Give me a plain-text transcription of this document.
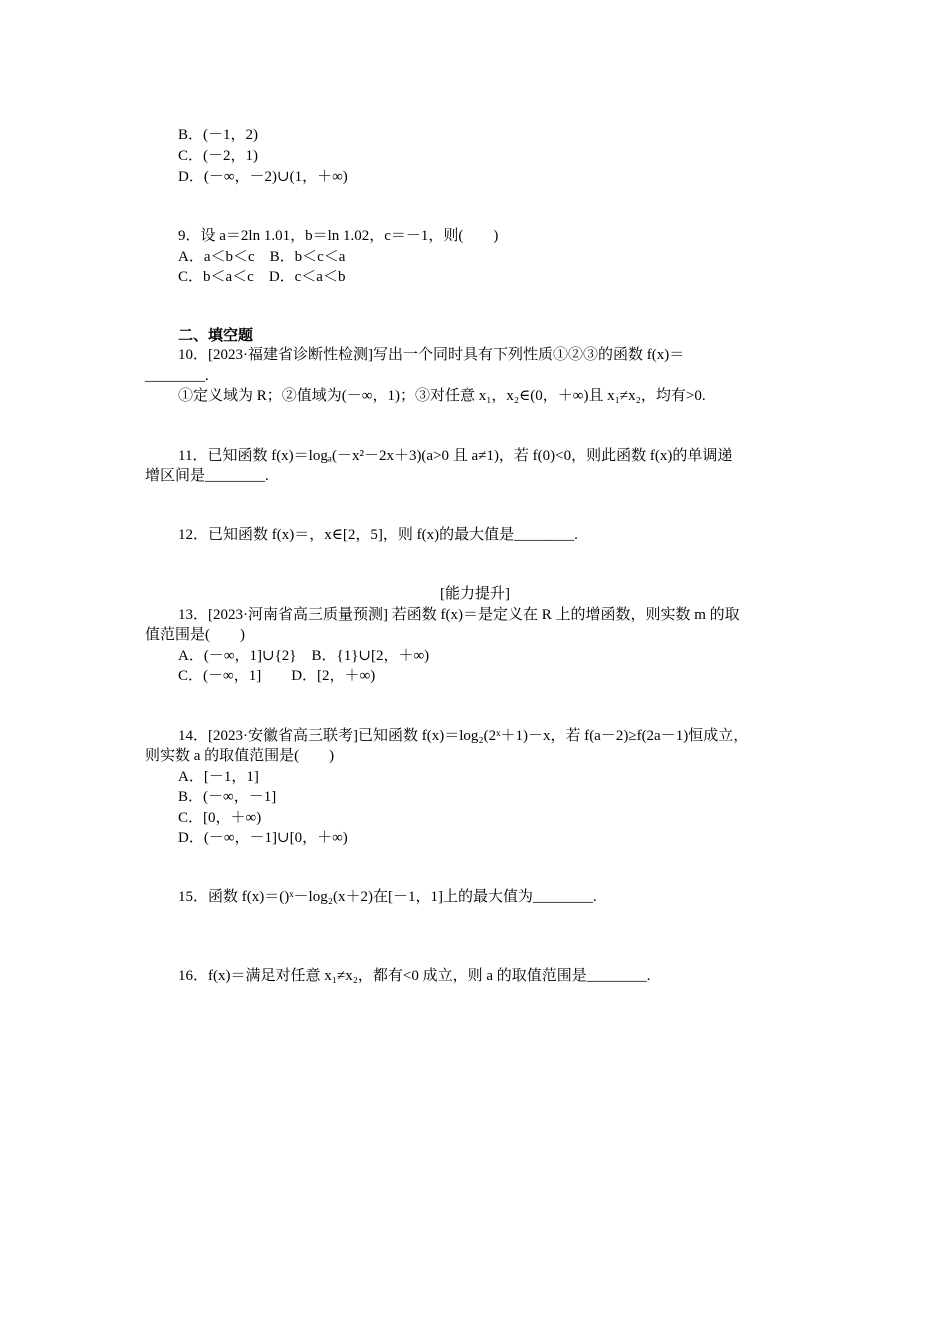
B．(－1，2)
C．(－2，1)
D．(－∞，－2)∪(1，＋∞)
9．设 a＝2ln 1.01，b＝ln 1.02，c＝－1，则(　　)
A．a＜b＜c　B．b＜c＜a
C．b＜a＜c　D．c＜a＜b
二、填空题
10．[2023·福建省诊断性检测]写出一个同时具有下列性质①②③的函数 f(x)＝
________.
①定义域为 R；②值域为(－∞，1)；③对任意 x₁，x₂∈(0，＋∞)且 x₁≠x₂，均有>0.
11．已知函数 f(x)＝logₐ(－x²－2x＋3)(a>0 且 a≠1)，若 f(0)<0，则此函数 f(x)的单调递
增区间是________.
12．已知函数 f(x)＝，x∈[2，5]，则 f(x)的最大值是________.
[能力提升]
13．[2023·河南省高三质量预测] 若函数 f(x)＝是定义在 R 上的增函数，则实数 m 的取
值范围是(　　)
A．(－∞，1]∪{2}　B．{1}∪[2，＋∞)
C．(－∞，1]　　D．[2，＋∞)
14．[2023·安徽省高三联考]已知函数 f(x)＝log₂(2ˣ＋1)－x，若 f(a－2)≥f(2a－1)恒成立，
则实数 a 的取值范围是(　　)
A．[－1，1]
B．(－∞，－1]
C．[0，＋∞)
D．(－∞，－1]∪[0，＋∞)
15．函数 f(x)＝()ˣ－log₂(x＋2)在[－1，1]上的最大值为________.
16．f(x)＝满足对任意 x₁≠x₂，都有<0 成立，则 a 的取值范围是________.
